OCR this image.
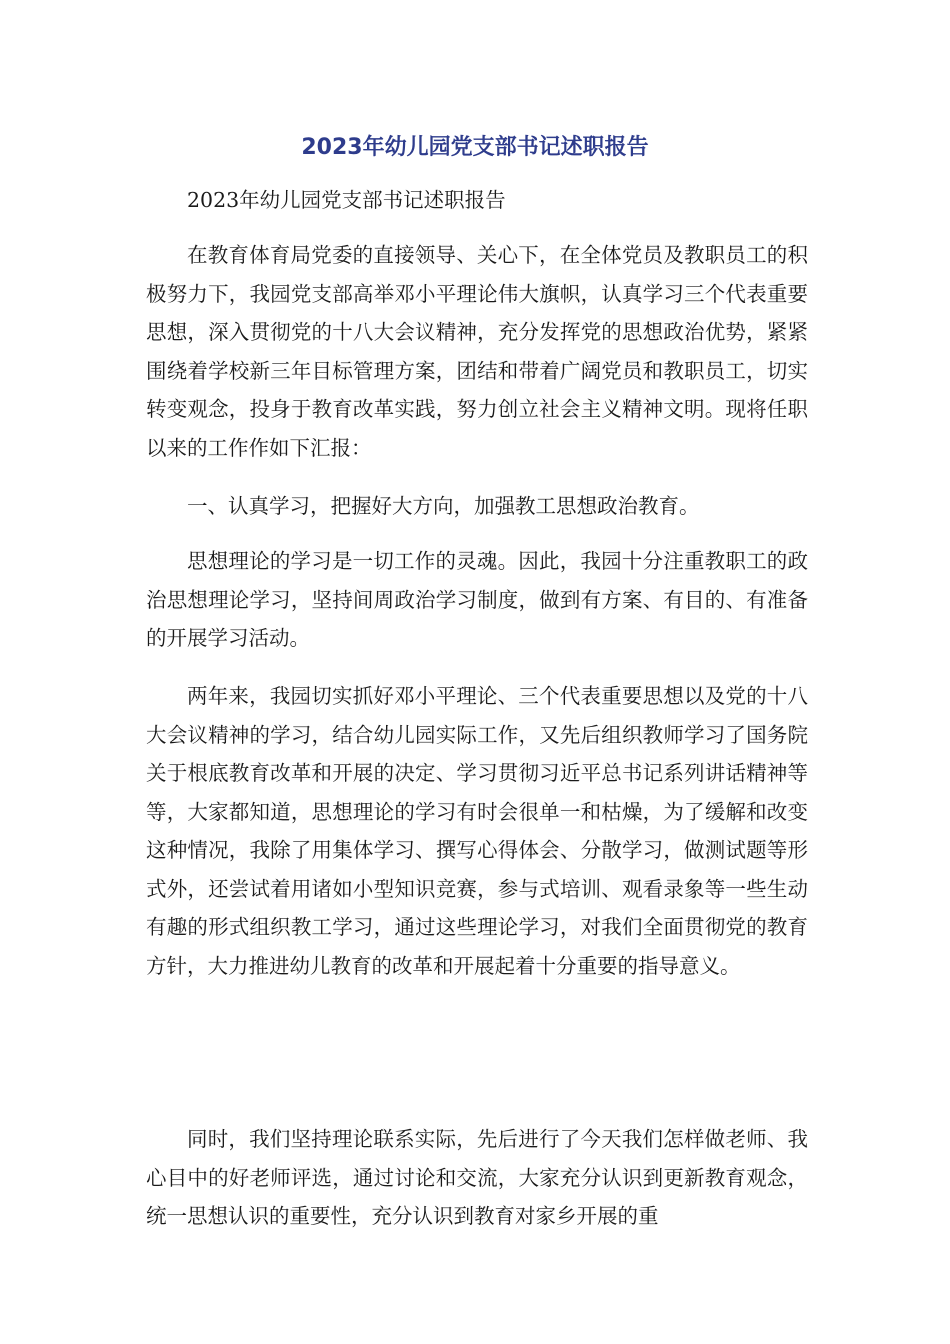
2023年幼儿园党支部书记述职报告

2023年幼儿园党支部书记述职报告

在教育体育局党委的直接领导、关心下，在全体党员及教职员工的积极努力下，我园党支部高举邓小平理论伟大旗帜，认真学习三个代表重要思想，深入贯彻党的十八大会议精神，充分发挥党的思想政治优势，紧紧围绕着学校新三年目标管理方案，团结和带着广阔党员和教职员工，切实转变观念，投身于教育改革实践，努力创立社会主义精神文明。现将任职以来的工作作如下汇报：

一、认真学习，把握好大方向，加强教工思想政治教育。

思想理论的学习是一切工作的灵魂。因此，我园十分注重教职工的政治思想理论学习，坚持间周政治学习制度，做到有方案、有目的、有准备的开展学习活动。

两年来，我园切实抓好邓小平理论、三个代表重要思想以及党的十八大会议精神的学习，结合幼儿园实际工作，又先后组织教师学习了国务院关于根底教育改革和开展的决定、学习贯彻习近平总书记系列讲话精神等等，大家都知道，思想理论的学习有时会很单一和枯燥，为了缓解和改变这种情况，我除了用集体学习、撰写心得体会、分散学习，做测试题等形式外，还尝试着用诸如小型知识竞赛，参与式培训、观看录象等一些生动有趣的形式组织教工学习，通过这些理论学习，对我们全面贯彻党的教育方针，大力推进幼儿教育的改革和开展起着十分重要的指导意义。

同时，我们坚持理论联系实际，先后进行了今天我们怎样做老师、我心目中的好老师评选，通过讨论和交流，大家充分认识到更新教育观念，统一思想认识的重要性，充分认识到教育对家乡开展的重
